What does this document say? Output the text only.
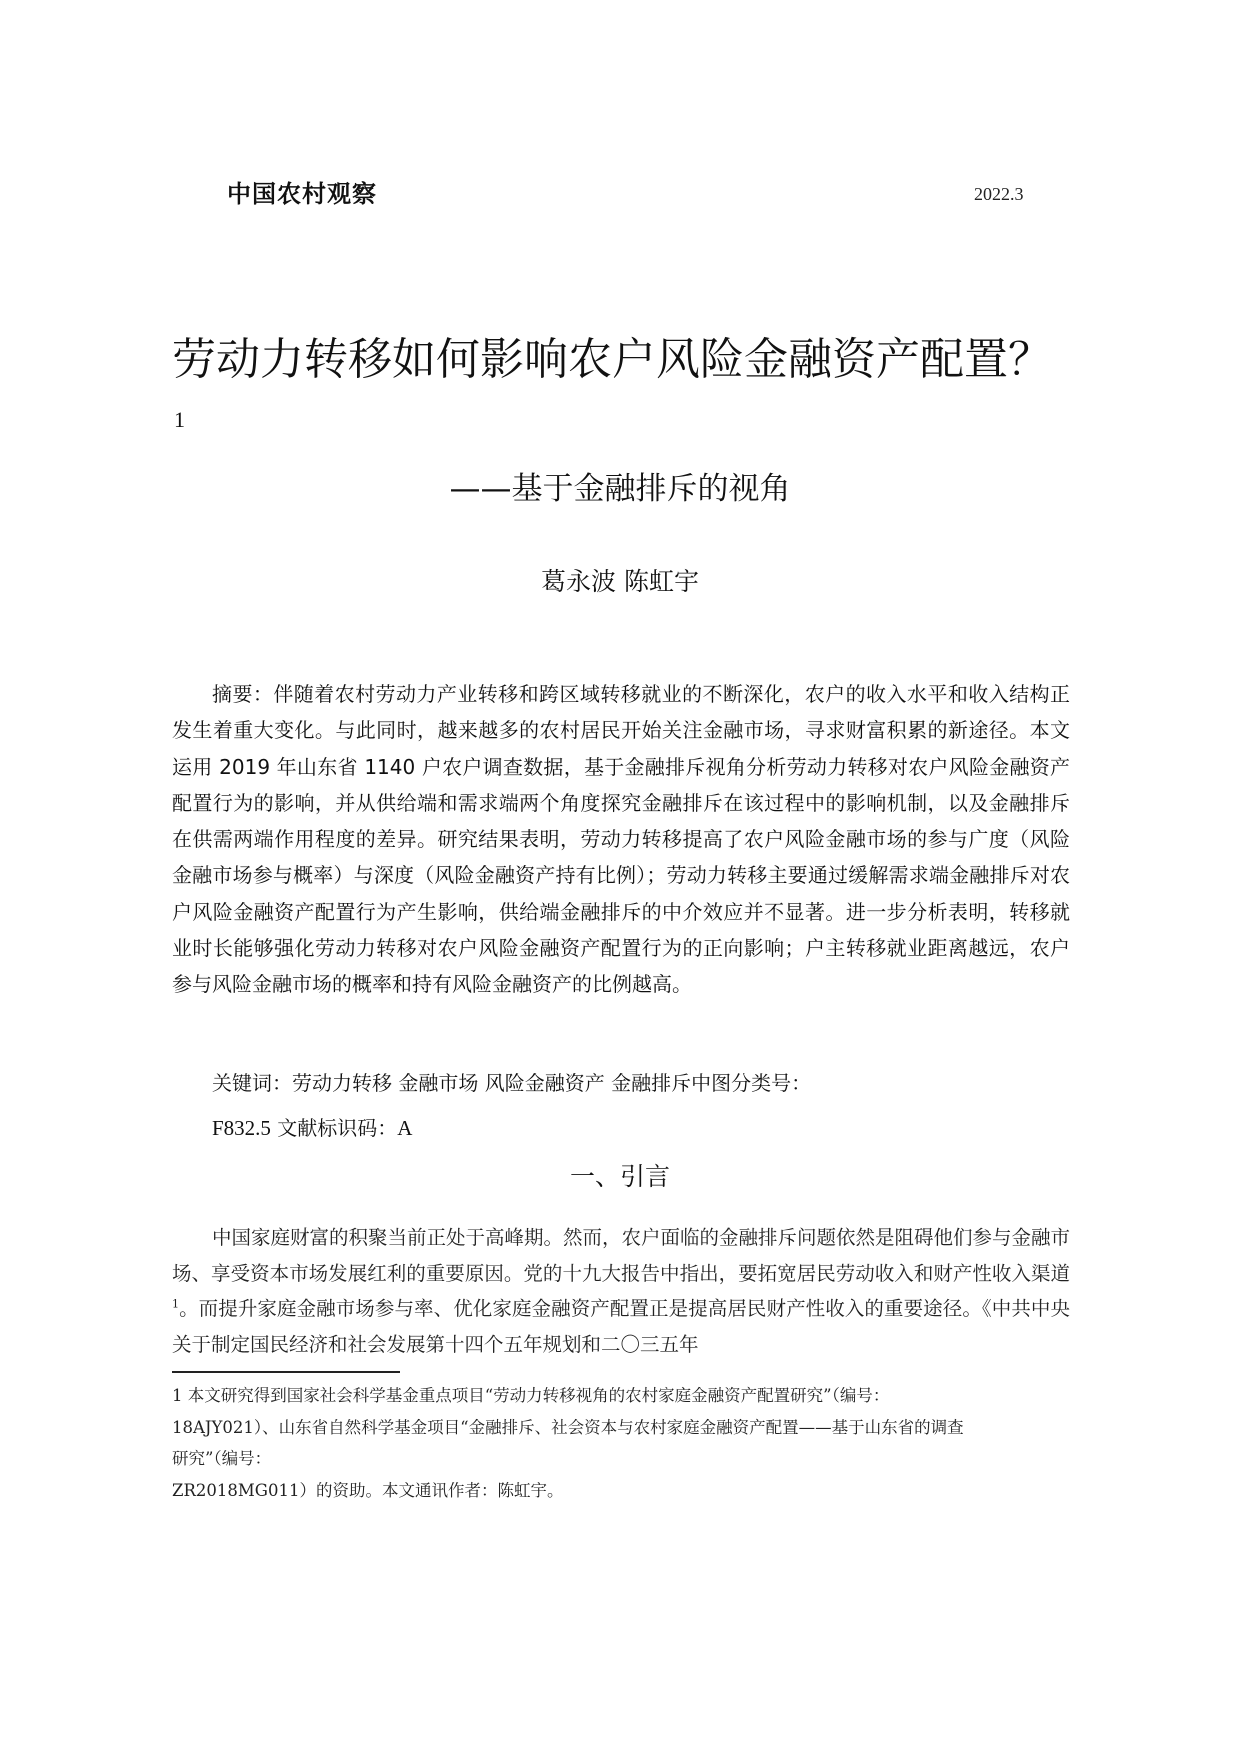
中国农村观察	2022.3
劳动力转移如何影响农户风险金融资产配置？
1
——基于金融排斥的视角
葛永波 陈虹宇

摘要：伴随着农村劳动力产业转移和跨区域转移就业的不断深化，农户的收入水平和收入结构正发生着重大变化。与此同时，越来越多的农村居民开始关注金融市场，寻求财富积累的新途径。本文运用 2019 年山东省 1140 户农户调查数据，基于金融排斥视角分析劳动力转移对农户风险金融资产配置行为的影响，并从供给端和需求端两个角度探究金融排斥在该过程中的影响机制，以及金融排斥在供需两端作用程度的差异。研究结果表明，劳动力转移提高了农户风险金融市场的参与广度（风险金融市场参与概率）与深度（风险金融资产持有比例）；劳动力转移主要通过缓解需求端金融排斥对农户风险金融资产配置行为产生影响，供给端金融排斥的中介效应并不显著。进一步分析表明，转移就业时长能够强化劳动力转移对农户风险金融资产配置行为的正向影响；户主转移就业距离越远，农户参与风险金融市场的概率和持有风险金融资产的比例越高。

关键词：劳动力转移 金融市场 风险金融资产 金融排斥中图分类号：
F832.5 文献标识码：A
一、引言

中国家庭财富的积聚当前正处于高峰期。然而，农户面临的金融排斥问题依然是阻碍他们参与金融市场、享受资本市场发展红利的重要原因。党的十九大报告中指出，要拓宽居民劳动收入和财产性收入渠道$^1$。而提升家庭金融市场参与率、优化家庭金融资产配置正是提高居民财产性收入的重要途径。《中共中央关于制定国民经济和社会发展第十四个五年规划和二〇三五年

1 本文研究得到国家社会科学基金重点项目“劳动力转移视角的农村家庭金融资产配置研究”（编号：
18AJY021）、山东省自然科学基金项目“金融排斥、社会资本与农村家庭金融资产配置——基于山东省的调查
研究”（编号：
ZR2018MG011）的资助。本文通讯作者：陈虹宇。
